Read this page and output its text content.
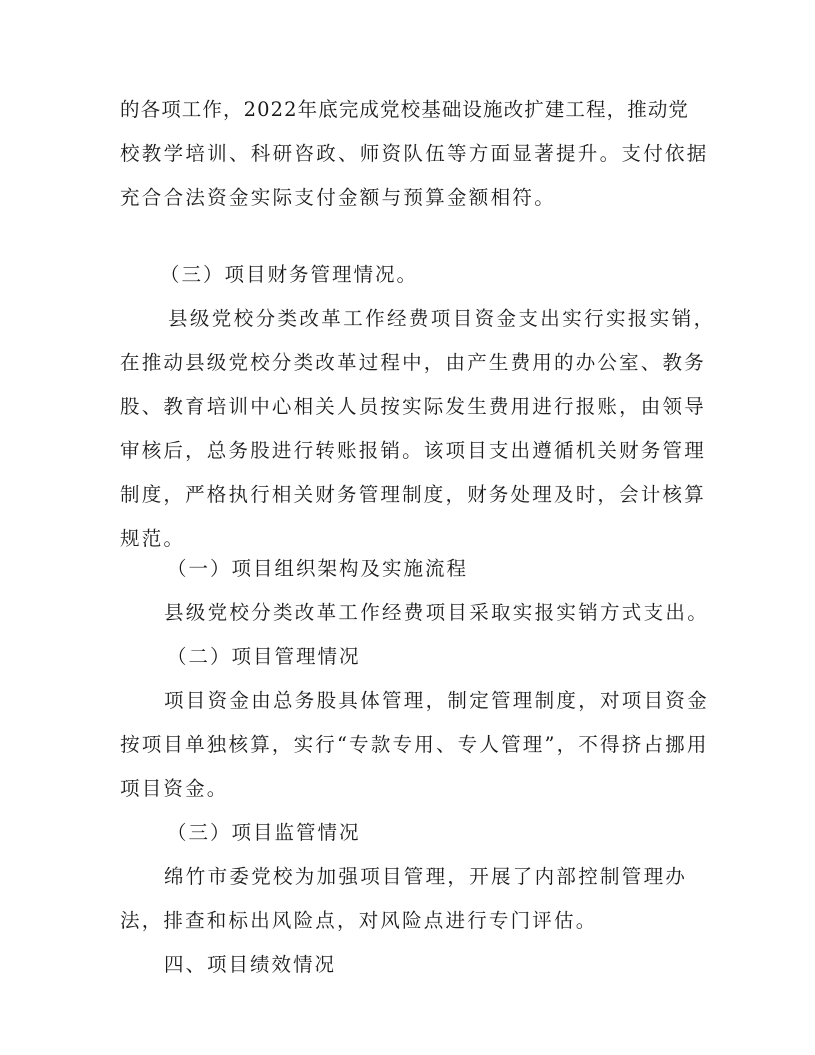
的各项工作，2022年底完成党校基础设施改扩建工程，推动党
校教学培训、科研咨政、师资队伍等方面显著提升。支付依据
充合合法资金实际支付金额与预算金额相符。
（三）项目财务管理情况。
县级党校分类改革工作经费项目资金支出实行实报实销，
在推动县级党校分类改革过程中，由产生费用的办公室、教务
股、教育培训中心相关人员按实际发生费用进行报账，由领导
审核后，总务股进行转账报销。该项目支出遵循机关财务管理
制度，严格执行相关财务管理制度，财务处理及时，会计核算
规范。
（一）项目组织架构及实施流程
县级党校分类改革工作经费项目采取实报实销方式支出。
（二）项目管理情况
项目资金由总务股具体管理，制定管理制度，对项目资金
按项目单独核算，实行“专款专用、专人管理”，不得挤占挪用
项目资金。
（三）项目监管情况
绵竹市委党校为加强项目管理，开展了内部控制管理办
法，排查和标出风险点，对风险点进行专门评估。
四、项目绩效情况
